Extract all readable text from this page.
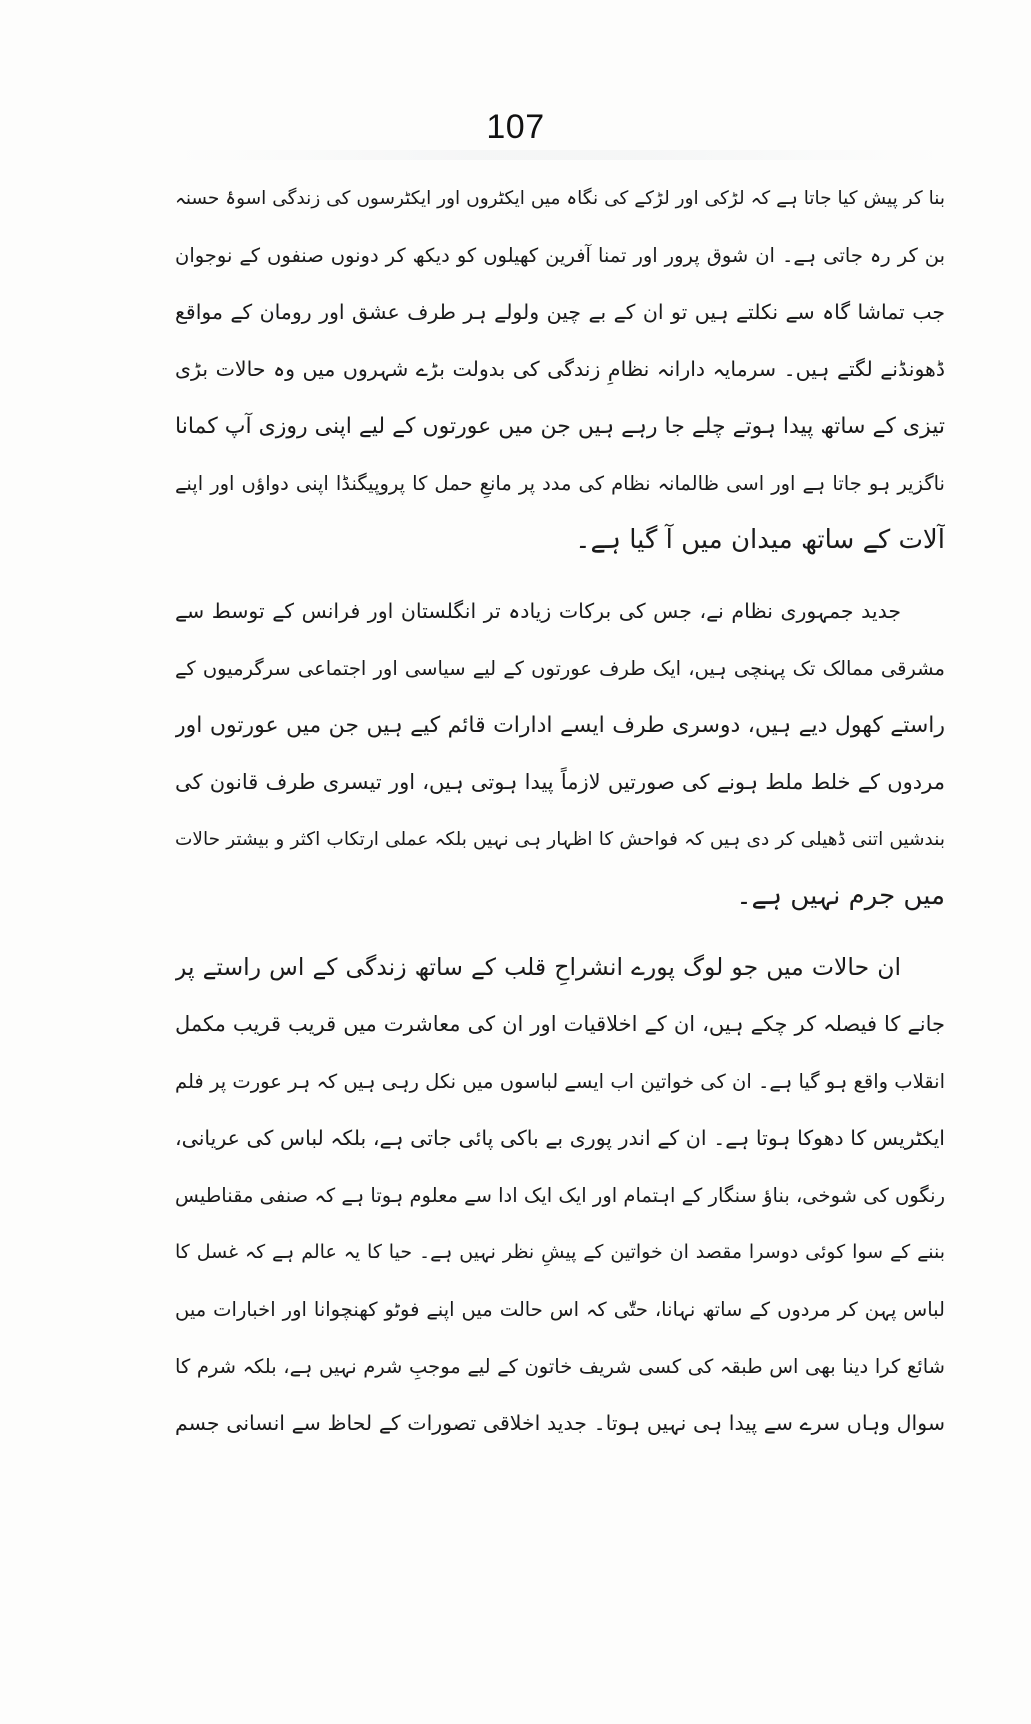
107
بنا کر پیش کیا جاتا ہے کہ لڑکی اور لڑکے کی نگاہ میں ایکٹروں اور ایکٹرسوں کی زندگی اسوۂ حسنہ
بن کر رہ جاتی ہے۔ ان شوق پرور اور تمنا آفرین کھیلوں کو دیکھ کر دونوں صنفوں کے نوجوان
جب تماشا گاہ سے نکلتے ہیں تو ان کے بے چین ولولے ہر طرف عشق اور رومان کے مواقع
ڈھونڈنے لگتے ہیں۔ سرمایہ دارانہ نظامِ زندگی کی بدولت بڑے شہروں میں وہ حالات بڑی
تیزی کے ساتھ پیدا ہوتے چلے جا رہے ہیں جن میں عورتوں کے لیے اپنی روزی آپ کمانا
ناگزیر ہو جاتا ہے اور اسی ظالمانہ نظام کی مدد پر مانعِ حمل کا پروپیگنڈا اپنی دواؤں اور اپنے
آلات کے ساتھ میدان میں آ گیا ہے۔
جدید جمہوری نظام نے، جس کی برکات زیادہ تر انگلستان اور فرانس کے توسط سے
مشرقی ممالک تک پہنچی ہیں، ایک طرف عورتوں کے لیے سیاسی اور اجتماعی سرگرمیوں کے
راستے کھول دیے ہیں، دوسری طرف ایسے ادارات قائم کیے ہیں جن میں عورتوں اور
مردوں کے خلط ملط ہونے کی صورتیں لازماً پیدا ہوتی ہیں، اور تیسری طرف قانون کی
بندشیں اتنی ڈھیلی کر دی ہیں کہ فواحش کا اظہار ہی نہیں بلکہ عملی ارتکاب اکثر و بیشتر حالات
میں جرم نہیں ہے۔
ان حالات میں جو لوگ پورے انشراحِ قلب کے ساتھ زندگی کے اس راستے پر
جانے کا فیصلہ کر چکے ہیں، ان کے اخلاقیات اور ان کی معاشرت میں قریب قریب مکمل
انقلاب واقع ہو گیا ہے۔ ان کی خواتین اب ایسے لباسوں میں نکل رہی ہیں کہ ہر عورت پر فلم
ایکٹریس کا دھوکا ہوتا ہے۔ ان کے اندر پوری بے باکی پائی جاتی ہے، بلکہ لباس کی عریانی،
رنگوں کی شوخی، بناؤ سنگار کے اہتمام اور ایک ایک ادا سے معلوم ہوتا ہے کہ صنفی مقناطیس
بننے کے سوا کوئی دوسرا مقصد ان خواتین کے پیشِ نظر نہیں ہے۔ حیا کا یہ عالم ہے کہ غسل کا
لباس پہن کر مردوں کے ساتھ نہانا، حتّٰی کہ اس حالت میں اپنے فوٹو کھنچوانا اور اخبارات میں
شائع کرا دینا بھی اس طبقہ کی کسی شریف خاتون کے لیے موجبِ شرم نہیں ہے، بلکہ شرم کا
سوال وہاں سرے سے پیدا ہی نہیں ہوتا۔ جدید اخلاقی تصورات کے لحاظ سے انسانی جسم
